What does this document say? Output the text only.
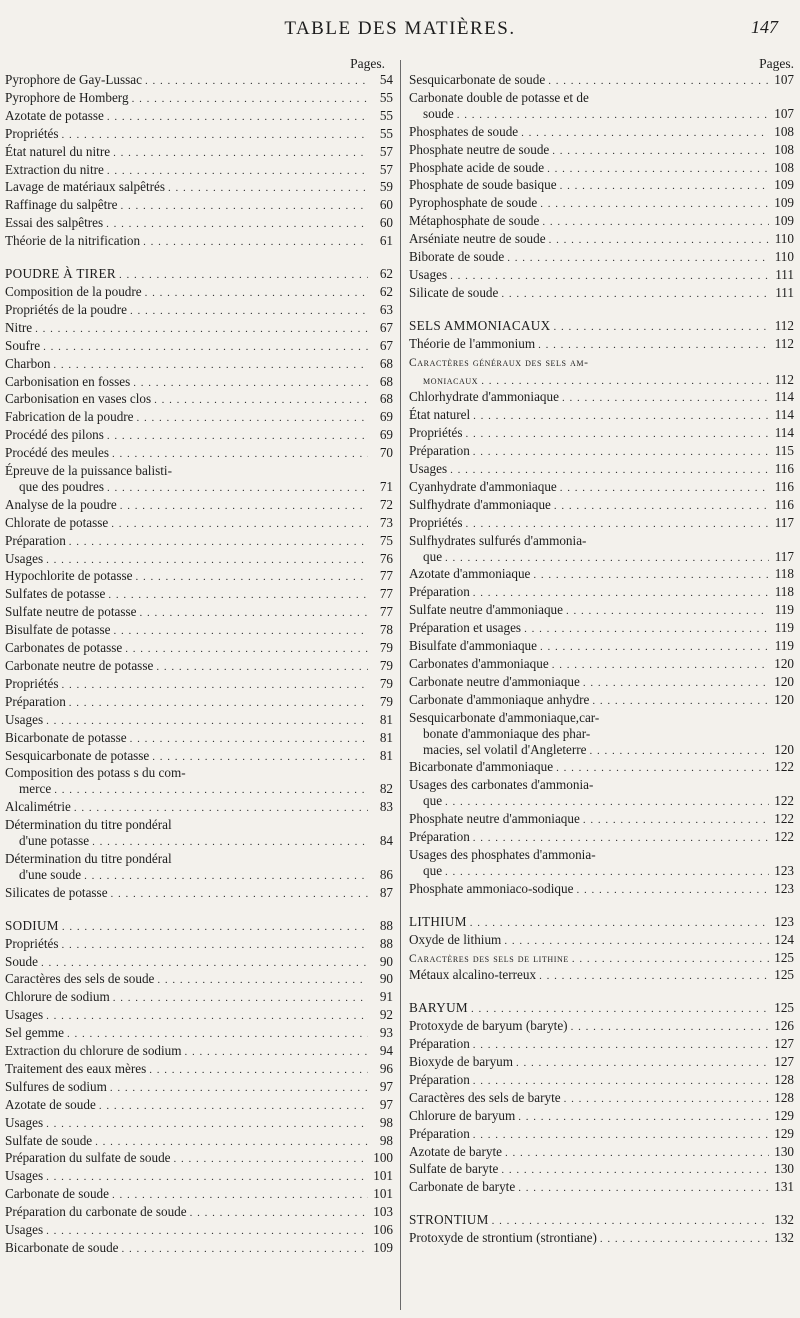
TABLE DES MATIÈRES.	147
Pages.
Pyrophore de Gay-Lussac . . .	54
Pyrophore de Homberg . . .	55
Azotate de potasse . . .	55
Propriétés . . .	55
État naturel du nitre . . .	57
Extraction du nitre . . .	57
Lavage de matériaux salpêtrés . . .	59
Raffinage du salpêtre . . .	60
Essai des salpêtres . . .	60
Théorie de la nitrification . . .	61
POUDRE À TIRER . . .	62
Composition de la poudre . . .	62
Propriétés de la poudre . . .	63
Nitre . . .	67
Soufre . . .	67
Charbon . . .	68
Carbonisation en fosses . . .	68
Carbonisation en vases clos . . .	68
Fabrication de la poudre . . .	69
Procédé des pilons . . .	69
Procédé des meules . . .	70
Épreuve de la puissance balisti-
que des poudres . . .	71
Analyse de la poudre . . .	72
Chlorate de potasse . . .	73
Préparation . . .	75
Usages . . .	76
Hypochlorite de potasse . . .	77
Sulfates de potasse . . .	77
Sulfate neutre de potasse . . .	77
Bisulfate de potasse . . .	78
Carbonates de potasse . . .	79
Carbonate neutre de potasse . . .	79
Propriétés . . .	79
Préparation . . .	79
Usages . . .	81
Bicarbonate de potasse . . .	81
Sesquicarbonate de potasse . . .	81
Composition des potass s du com-
merce . . .	82
Alcalimétrie . . .	83
Détermination du titre pondéral
d'une potasse . . .	84
Détermination du titre pondéral
d'une soude . . .	86
Silicates de potasse . . .	87
SODIUM . . .	88
Propriétés . . .	88
Soude . . .	90
Caractères des sels de soude . . .	90
Chlorure de sodium . . .	91
Usages . . .	92
Sel gemme . . .	93
Extraction du chlorure de sodium . . .	94
Traitement des eaux mères . . .	96
Sulfures de sodium . . .	97
Azotate de soude . . .	97
Usages . . .	98
Sulfate de soude . . .	98
Préparation du sulfate de soude . . .	100
Usages . . .	101
Carbonate de soude . . .	101
Préparation du carbonate de soude . . .	103
Usages . . .	106
Bicarbonate de soude . . .	109
Pages.
Sesquicarbonate de soude . . .	107
Carbonate double de potasse et de
soude . . .	107
Phosphates de soude . . .	108
Phosphate neutre de soude . . .	108
Phosphate acide de soude . . .	108
Phosphate de soude basique . . .	109
Pyrophosphate de soude . . .	109
Métaphosphate de soude . . .	109
Arséniate neutre de soude . . .	110
Biborate de soude . . .	110
Usages . . .	111
Silicate de soude . . .	111
SELS AMMONIACAUX . . .	112
Théorie de l'ammonium . . .	112
Caractères généraux des sels am-
moniacaux . . .	112
Chlorhydrate d'ammoniaque . . .	114
État naturel . . .	114
Propriétés . . .	114
Préparation . . .	115
Usages . . .	116
Cyanhydrate d'ammoniaque . . .	116
Sulfhydrate d'ammoniaque . . .	116
Propriétés . . .	117
Sulfhydrates sulfurés d'ammonia-
que . . .	117
Azotate d'ammoniaque . . .	118
Préparation . . .	118
Sulfate neutre d'ammoniaque . . .	119
Préparation et usages . . .	119
Bisulfate d'ammoniaque . . .	119
Carbonates d'ammoniaque . . .	120
Carbonate neutre d'ammoniaque . . .	120
Carbonate d'ammoniaque anhydre . . .	120
Sesquicarbonate d'ammoniaque,car-
bonate d'ammoniaque des phar-
macies, sel volatil d'Angleterre . . .	120
Bicarbonate d'ammoniaque . . .	122
Usages des carbonates d'ammonia-
que . . .	122
Phosphate neutre d'ammoniaque . . .	122
Préparation . . .	122
Usages des phosphates d'ammonia-
que . . .	123
Phosphate ammoniaco-sodique . . .	123
LITHIUM . . .	123
Oxyde de lithium . . .	124
Caractères des sels de lithine . . .	125
Métaux alcalino-terreux . . .	125
BARYUM . . .	125
Protoxyde de baryum (baryte) . . .	126
Préparation . . .	127
Bioxyde de baryum . . .	127
Préparation . . .	128
Caractères des sels de baryte . . .	128
Chlorure de baryum . . .	129
Préparation . . .	129
Azotate de baryte . . .	130
Sulfate de baryte . . .	130
Carbonate de baryte . . .	131
STRONTIUM . . .	132
Protoxyde de strontium (strontiane) . . .	132
